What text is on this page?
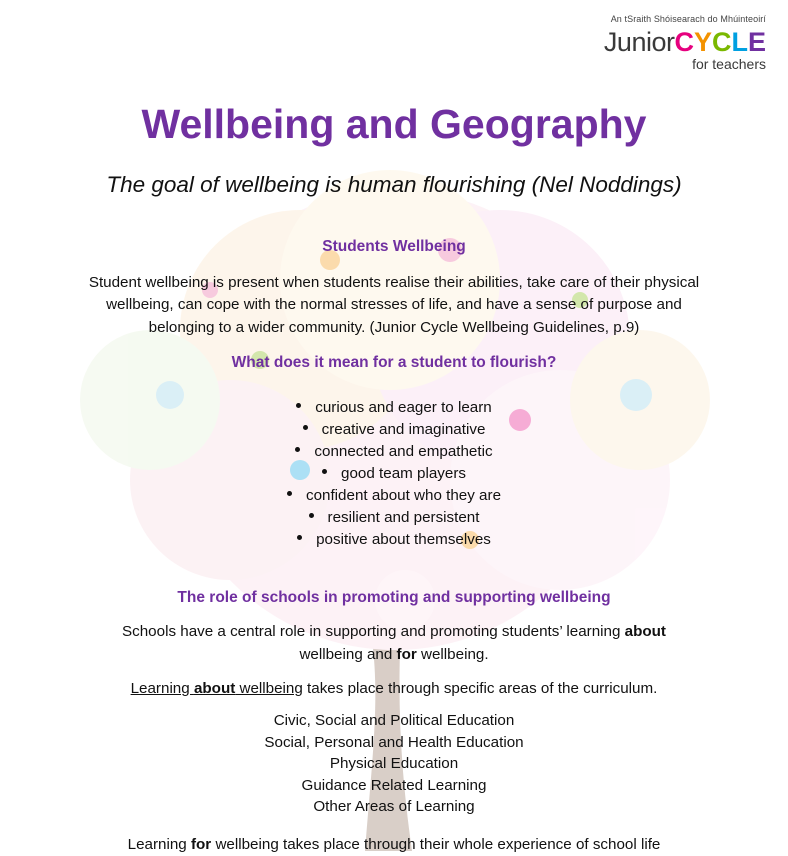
An tSraith Shóisearach do Mhúinteoirí
JuniorCYCLE
for teachers
Wellbeing and Geography
The goal of wellbeing is human flourishing (Nel Noddings)
Students Wellbeing
Student wellbeing is present when students realise their abilities, take care of their physical
wellbeing, can cope with the normal stresses of life, and have a sense of purpose and
belonging to a wider community. (Junior Cycle Wellbeing Guidelines, p.9)
What does it mean for a student to flourish?
curious and eager to learn
creative and imaginative
connected and empathetic
good team players
confident about who they are
resilient and persistent
positive about themselves
The role of schools in promoting and supporting wellbeing
Schools have a central role in supporting and promoting students’ learning about
wellbeing and for wellbeing.
Learning about wellbeing takes place through specific areas of the curriculum.
Civic, Social and Political Education
Social, Personal and Health Education
Physical Education
Guidance Related Learning
Other Areas of Learning
Learning for wellbeing takes place through their whole experience of school life
